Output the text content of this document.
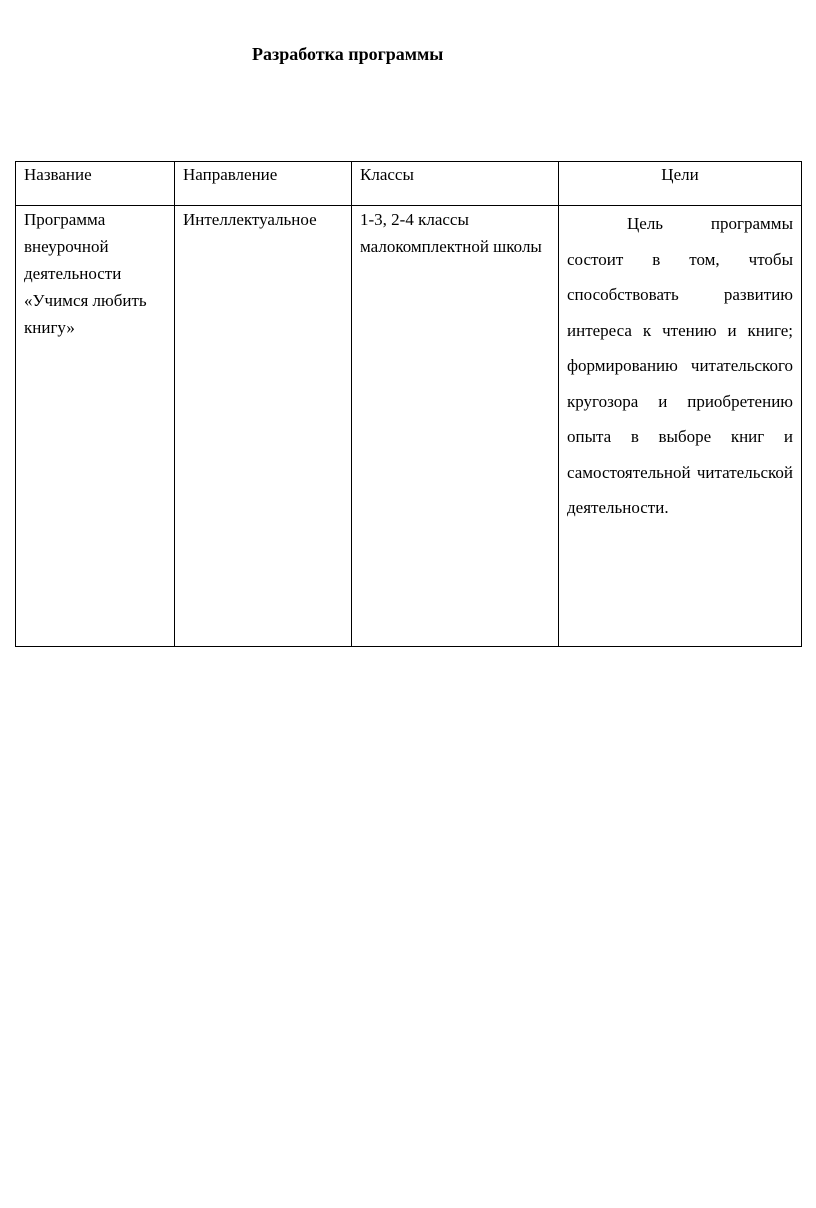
Разработка программы
Название	Направление	Классы	Цели
Программа внеурочной деятельности «Учимся любить книгу»	Интеллектуальное	1-3, 2-4 классы малокомплектной школы	Цель программы состоит в том, чтобы способствовать развитию интереса к чтению и книге; формированию читательского кругозора и приобретению опыта в выборе книг и самостоятельной читательской деятельности.
